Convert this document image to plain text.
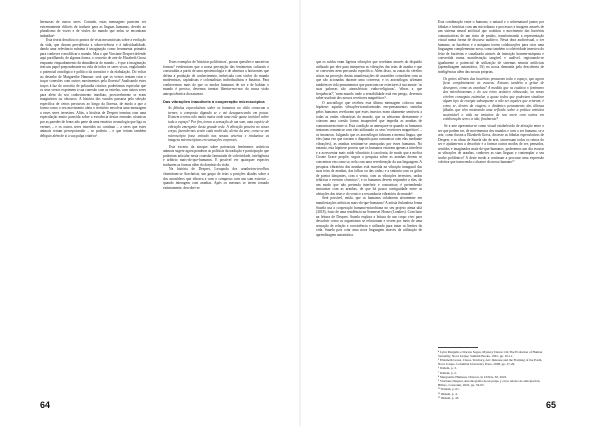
hermosas de outros seres. Contudo, estas mensagens parecem ser extremamente difíceis de traduzir para as línguas humanas, devido ao pluralismo de vozes e de visões do mundo que nelas se encontram imbuídas⁴.

Esta teoria desafiou os pontos de vista mecanicistas sobre a evolução da vida, que davam prevalência a sobrevivência e à individualidade, dando uma relevância mínima à imaginação como ferramenta primária para conhecer e modificar o mundo. Mas o que Vinciane Despret defende aqui partilhando, de alguma forma, o conceito de arte de Elizabeth Grosz enquanto enquadramento da abundância do mundo – é que a imaginação tem um papel preponderante na vida de todos os seres vivos, englobando o potencial ontológico e político da narrativa e da efabulação. Do voltar ao desenho de Margarethe Hamsun: será que os versos tentam criar e traçar conexões com outros movimentos pela floresta? Analisando estes traços à luz do conceito de poliaudia criativa, poderíamos especular que os seus versos exprimem a sua conexão com as estrelas, com outros seres para além do seu conhecimento imediato, provavelmente se eram imaginários ou obscuros. A história dos vasalos passaria pela seleção específica de certos percursos ao longo da floresta, de modo a que a forma como o seu movimento afeta o território envolvia uma mensagem a esses seres terrestres. Aliás, a história de Despret termina com uma especulação muito parecida sobre a existência destas entradas cósmicas por as paredes de fenos não parte da uma emotiva cosmologia que liga os vermes – e os outros seres inseridos no contínuo – a seres que estes animais teriam percepcionado – se poderia – e que teriam também delíquio além de si a sua palpa criativa⁵.

Estes exemplos de 'histórias polifónicas', possas questões e narrativas formas? evidenciam que a nossa percepção das fenómenos culturais e construídas a partir de uma epistemologia e de abertura a horizontes que defina a produção de conhecimento, imbricada com visões do mundo modernistas, capitalistas e colonialistas individualistas e binárias. Para conhecermos mais do que os modos humanos de ser e de habitar o mundo é preciso, devemos inentar libertar-mo-nos da nossa visão antropocêntrica da natureza.

Das vibrações inaudíveis à cooperação microscópica

As fábulas especulativas sobre os humanos no chão comecam a tremer, o composto dignado se e vai desaparecendo em pouca. Existem teorias não muito maiss onde uma rede quase invisível sobre toda a espaço? Por fim, temos a sensação de um som, uma espécie de vibração emergente desta grande rede. A vibração penetra no nosso corpo, fazendo-nos sentir cada molécula, alerta da arte, como se um microscópio fosse entrado nas nossas arterias e traduzisse as imagens microscópicas em sensações corporais.

Este excerto da sinopse sobre potenciais fenómenos artísticos animais sugere agora ponderar as políticas da tradução e participação que poderiam articular nesta conexão fantasiada de coletividade, inteligência e arbítrio mais-do-que-humanos. E possível ver quaisquer especies traduzem as formas além do domínio da visão.

Na história de Despret, Lexapoda dos aranheiros-tecelhos chamiriam-se Arachnists, um grupo de teias a posições aliadas sobre a dos aracnídeos que vibrava a com o composto com um som exterior – quando interagem com aranhas. Após os mesmos se terem tornado extintamente, descobri-se

64

que os ruídos eram ligeiras vibrações que recebiam através do dispuído utilizado por eles para interpretar as vibrações das teias de aranha e que se converteu nem percussão específico. Além disso, as zonas do cérebro ativas na perceção destas manifestações de aracnídeo coincidem com as que são acionadas durante uma conversa; e os aracnólogos afirmam também ter tido pensamentos que pareciam ser exteriores à sua mente: 'as suas palavras são atmosféricas vinho-religiosas', 'vibras a que frequência?', 'num mundo onde a sensibilidade está em perigo, devemos saber usufruir dos nossos receitores magnéticos'⁶.

O aracnólogo que recebeu esta última mensagem colocou uma hipótese: aquelas vibrações-transformadas em-pensamentos sentidas pelos humanos revelavam que estes insectos eram altamente sensíveis a todas as ondas vibratórias do mundo, que os afetavam diretamente e criavam uma coesão forma insuperável que impedia as aranhas de comunicarem entre si. Esta condição as ameaçava-se quando os humanos tentaram comunicar com elas utilizando os seus 'receitores magnéticos' – os ímanosos. Julgando que os aracnólogos falavam a mesma língua, que eles (uma vez que ouviam o diapasão para comunicar com elas mediante vibrações), as aranhas sentiram-se ameaçadas por esses humanos. No entanto, esta hipótese provou que os humanos estavam apenas a interferir e a acrescentar mais ruído vibratório à cacofonia, de modo que a melica Cosnie Grace propõe, seguir a pesquisa sobre as aranhas devem se concentrar em como se, nela com uma reverberação da sua linguagem. A pesquisa vibratória das aranhas está inserida na vibração inaugural das suas teias de aranhas, das folhas ou das cadas; e a sintonia com os grãos de poeira dançantes, com o vento, com as vibrações terrestres, ondas telúricas e eventos cósmicos⁷, e os humanos devem responder a elas, de um modo que não pretenda interferir e comunicar; é pretendendo sintonizar com as aranhas, de que há pouca contiguidade entre as afetações das teias e do vento e a ressonância vibratória do mundo⁸.

Será possível, então, que os humanos colaborem ativamente em manifestações artísticas mais-do-que-humanas? A artista finlandesa Jenna Suuela usa a cooperação humano-microbiana no seu projeto aimta ultá (2018), fruto de uma residência na Somerset House (Londres). Com base na leitura de Despret, Suuela explora a leitura de um corpo vivo para descobrir como os organismos se relacionam e vivem por meio de uma sensação de relação e coexistência e utilizado para tratar os limites da vida. Suuela pois criar uma nova linguagem através da utilização de aprendizagem automática.

Esta combinação entre o humano, o natural e o sobrenatural juntos por fábulas e histórias com um microbiano e processos e imagens através de um sistema neural artificial que coabitou o movimento das bactérias comunicativas de um texto de prados, transformando a representação visual numa forma de discurso auditivo. Nesta obra audiovisual, o ser humano, as bactérias e a máquina tecem colaborações para criar uma linguagem complementar nova, como também a coletividade imersiva do feito de bactérias e canalizada através da interação homem-máquina e convertida numa manifestação tangível e audível, registrando-se igualmente o potencial de utilização de sistemas neurais artificiais (aprendizagem automática, IA) na nossa demanda pela descoberta de inteligências além das nossas próprias.

Os gritos silêntos das bactérias pensaram toda o espaço, que agora ficou completamente às escuras. Estavas também a gritar de desespero, como as aranhas? A medida que os exalava o fenómeno dos microbiosomas e do seu reino acústico rebuscado, ou nosso cérebro conseguiu estimular, a quase todos que poderiam sinalizar algum tipo de energia subsequente a não ser aqueles que criaram, é como se, dentro da viagem, o dinâmico pensamento das últimas fábulas que vêm mostrando uma reflexão sobre a prática artística sustentável o vida na tentativa de nos ouvir com outros em colaboração sem o a não, finalmente?

Se a arte apresentar-se como visual estabelecido de afetação entre o ser que podem ser, de movimentos dos mundos e com o ser humano, se a arte, como ilustra a Elizabeth Grosz, dissesse as fábulas especulativas de Despret, e as obras de Suuela são de arte, atravessam todos os reinos do ser e ajudam-nos a descobrir e a formar outros modos de ser, pensados, sentidos e imaginados mais-do-que-humanos, poderemos um dia escutar as vibrações de aranhas, conhecer as suas línguas e contemplar o seu sonho polifónico? A deste modo a continuar a procurar uma expressão coletiva que transcenda o alcance do nosso humano¹⁰

⁴ Lynn Margulis e Dorion Sagan, Mystery Dance: On The Evolution of Human Sexuality, Nova Iorque, Summit Books, 1991, pp. 10-11.

⁵ Elizabeth Grosz, Chaos, Territory, Art: Deleuze and the Framing of the Earth, Nova Iorque, Columbia University Press, 2008, pp. 27-29.

⁶ Ibidem, p. 3.

⁷ Ibidem, p. 2.

⁸ Marguerite Humeau, Oriacon, in CURA, 30, 2022.

⁹ Vinciane Despret, Autobiografia de un pulpo y otros relatos de anticipación, Bilbao, Consonni, 2022, pp. 59-65.

¹⁰ Ibidem, p. 61.

¹¹ Ibidem, p. 4.

¹² Ibidem, p. 45.

65
